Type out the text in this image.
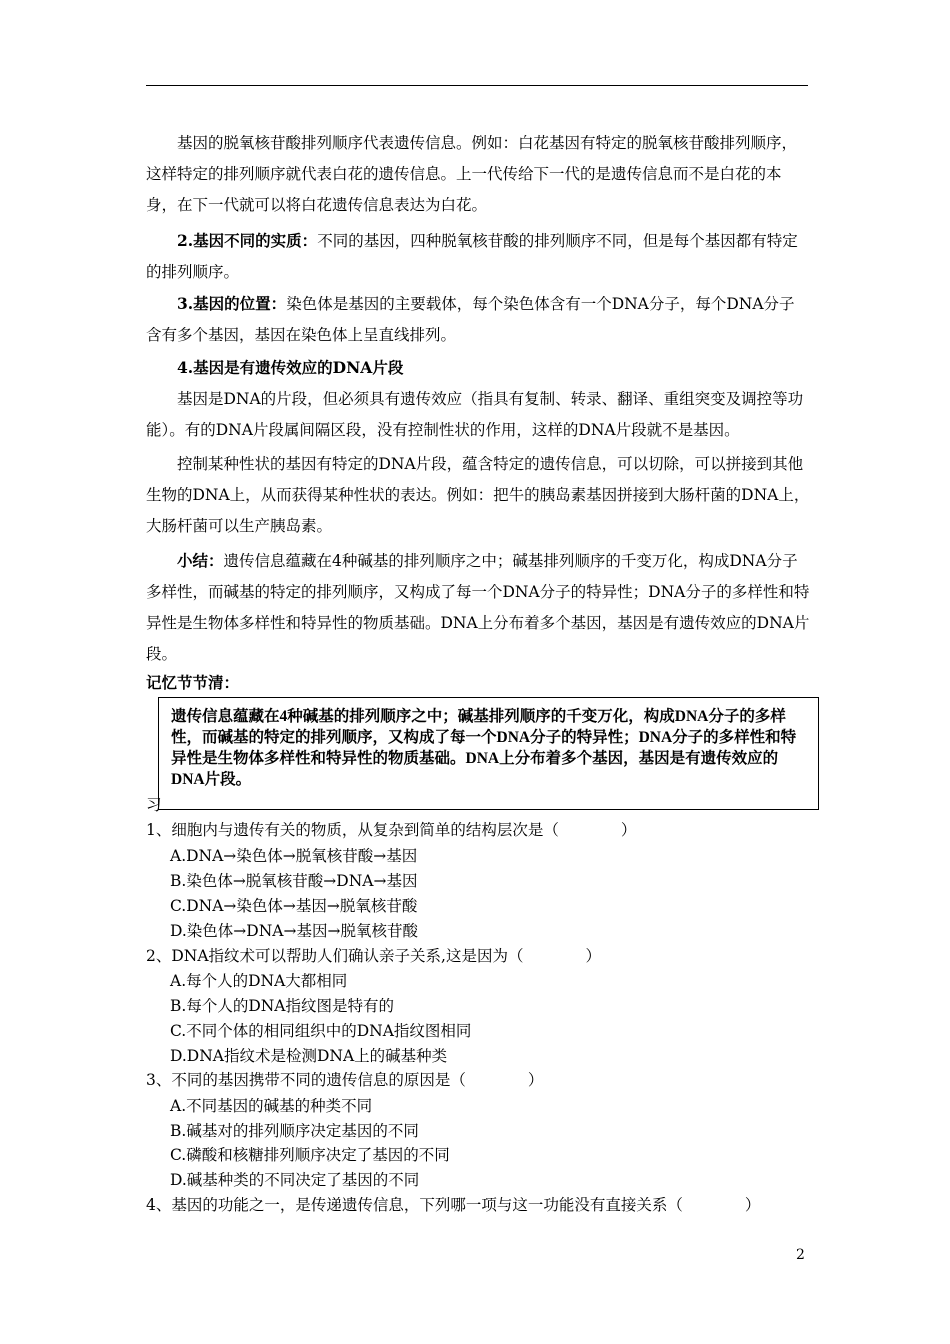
基因的脱氧核苷酸排列顺序代表遗传信息。例如：白花基因有特定的脱氧核苷酸排列顺序，这样特定的排列顺序就代表白花的遗传信息。上一代传给下一代的是遗传信息而不是白花的本身，在下一代就可以将白花遗传信息表达为白花。
2.基因不同的实质：不同的基因，四种脱氧核苷酸的排列顺序不同，但是每个基因都有特定的排列顺序。
3.基因的位置：染色体是基因的主要载体，每个染色体含有一个DNA分子，每个DNA分子含有多个基因，基因在染色体上呈直线排列。
4.基因是有遗传效应的DNA片段
基因是DNA的片段，但必须具有遗传效应（指具有复制、转录、翻译、重组突变及调控等功能）。有的DNA片段属间隔区段，没有控制性状的作用，这样的DNA片段就不是基因。
控制某种性状的基因有特定的DNA片段，蕴含特定的遗传信息，可以切除，可以拼接到其他生物的DNA上，从而获得某种性状的表达。例如：把牛的胰岛素基因拼接到大肠杆菌的DNA上，大肠杆菌可以生产胰岛素。
小结：遗传信息蕴藏在4种碱基的排列顺序之中；碱基排列顺序的千变万化，构成DNA分子多样性，而碱基的特定的排列顺序，又构成了每一个DNA分子的特异性；DNA分子的多样性和特异性是生物体多样性和特异性的物质基础。DNA上分布着多个基因，基因是有遗传效应的DNA片段。
记忆节节清：
习
遗传信息蕴藏在4种碱基的排列顺序之中；碱基排列顺序的千变万化，构成DNA分子的多样性，而碱基的特定的排列顺序，又构成了每一个DNA分子的特异性；DNA分子的多样性和特异性是生物体多样性和特异性的物质基础。DNA上分布着多个基因，基因是有遗传效应的DNA片段。
1、细胞内与遗传有关的物质，从复杂到简单的结构层次是（　　　　）
A.DNA→染色体→脱氧核苷酸→基因
B.染色体→脱氧核苷酸→DNA→基因
C.DNA→染色体→基因→脱氧核苷酸
D.染色体→DNA→基因→脱氧核苷酸
2、DNA指纹术可以帮助人们确认亲子关系,这是因为（　　　　）
A.每个人的DNA大都相同
B.每个人的DNA指纹图是特有的
C.不同个体的相同组织中的DNA指纹图相同
D.DNA指纹术是检测DNA上的碱基种类
3、不同的基因携带不同的遗传信息的原因是（　　　　）
A.不同基因的碱基的种类不同
B.碱基对的排列顺序决定基因的不同
C.磷酸和核糖排列顺序决定了基因的不同
D.碱基种类的不同决定了基因的不同
4、基因的功能之一，是传递遗传信息，下列哪一项与这一功能没有直接关系（　　　　）
2
